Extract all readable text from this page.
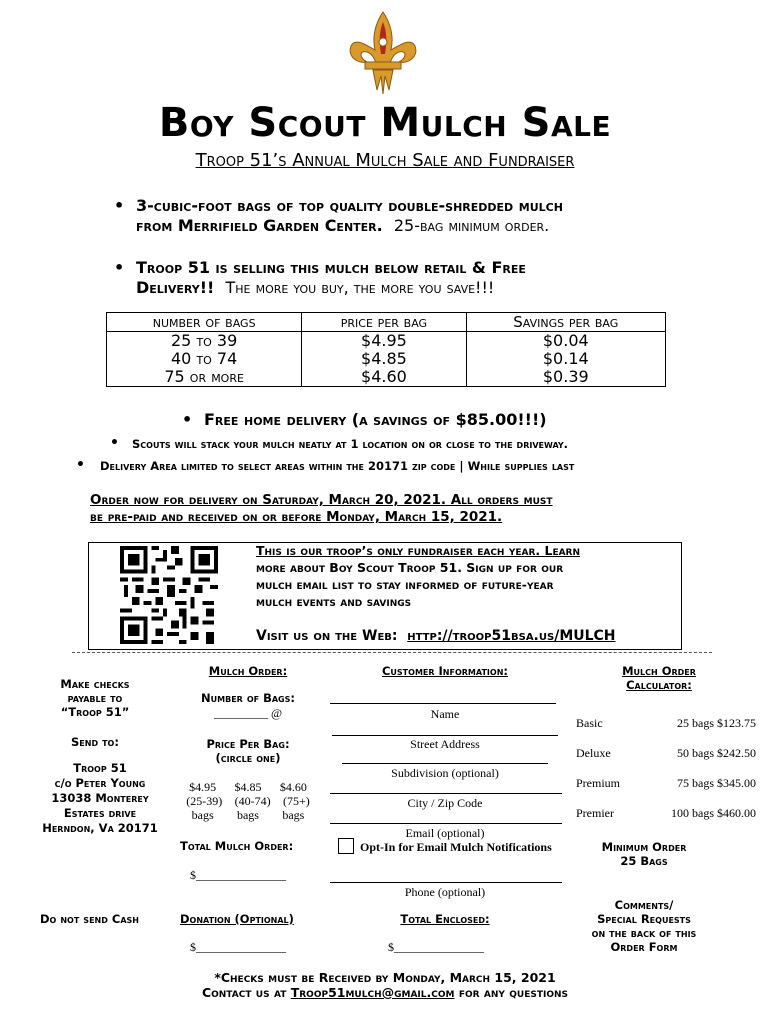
Boy Scout Mulch Sale
Troop 51’s Annual Mulch Sale and Fundraiser
• 3-cubic-foot bags of top quality double-shredded mulch
from Merrifield Garden Center. 25-bag minimum order.
• Troop 51 is selling this mulch below retail & Free
Delivery!! The more you buy, the more you save!!!
number of bags	price per bag	Savings per bag
25 to 39	$4.95	$0.04
40 to 74	$4.85	$0.14
75 or more	$4.60	$0.39
• Free home delivery (a savings of $85.00!!!)
• Scouts will stack your mulch neatly at 1 location on or close to the driveway.
• Delivery Area limited to select areas within the 20171 zip code | While supplies last
Order now for delivery on Saturday, March 20, 2021. All orders must
be pre-paid and received on or before Monday, March 15, 2021.
This is our troop’s only fundraiser each year. Learn
more about Boy Scout Troop 51. Sign up for our
mulch email list to stay informed of future-year
mulch events and savings
Visit us on the Web: http://troop51bsa.us/MULCH
Make checks
payable to
“Troop 51”
Send to:
Troop 51
c/o Peter Young
13038 Monterey
Estates drive
Herndon, Va 20171
Do not send Cash
Mulch Order:
Number of Bags:
_________ @
Price Per Bag:
(circle one)
$4.95 $4.85 $4.60
(25-39) (40-74) (75+)
bags bags bags
Total Mulch Order:
$_______________
Donation (Optional)
$_______________
Customer Information:
Name
Street Address
Subdivision (optional)
City / Zip Code
Email (optional)
Opt-In for Email Mulch Notifications
Phone (optional)
Total Enclosed:
$_______________
Mulch Order
Calculator:
Basic	25 bags $123.75
Deluxe	50 bags $242.50
Premium	75 bags $345.00
Premier	100 bags $460.00
Minimum Order
25 Bags
Comments/
Special Requests
on the back of this
Order Form
*Checks must be Received by Monday, March 15, 2021
Contact us at Troop51mulch@gmail.com for any questions
